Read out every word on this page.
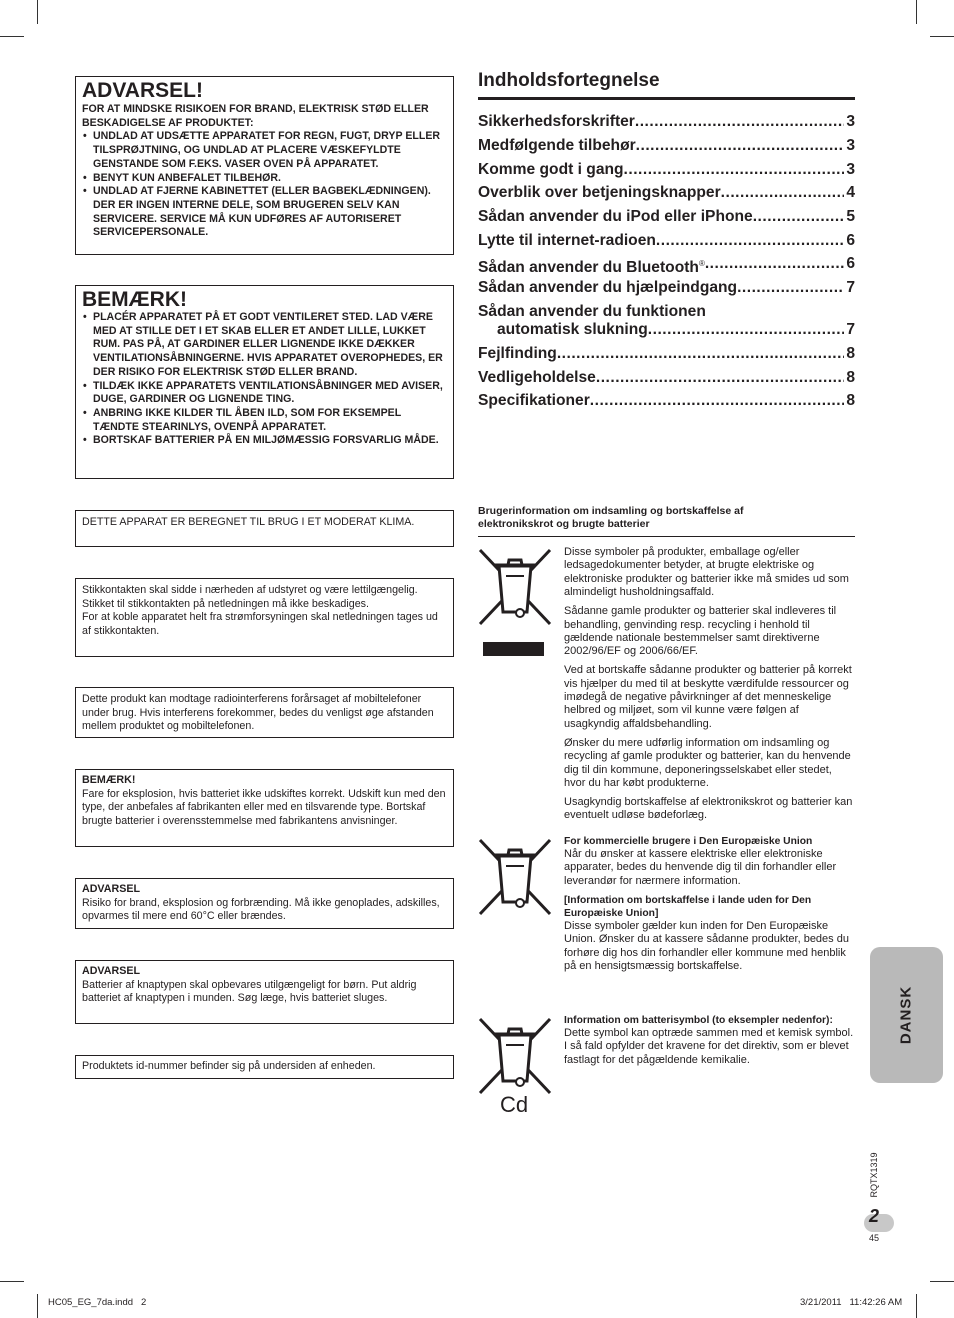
ADVARSEL!
FOR AT MINDSKE RISIKOEN FOR BRAND, ELEKTRISK STØD ELLER BESKADIGELSE AF PRODUKTET:
• UNDLAD AT UDSÆTTE APPARATET FOR REGN, FUGT, DRYP ELLER TILSPRØJTNING, OG UNDLAD AT PLACERE VÆSKEFYLDTE GENSTANDE SOM F.EKS. VASER OVEN PÅ APPARATET.
• BENYT KUN ANBEFALET TILBEHØR.
• UNDLAD AT FJERNE KABINETTET (ELLER BAGBEKLÆDNINGEN). DER ER INGEN INTERNE DELE, SOM BRUGEREN SELV KAN SERVICERE. SERVICE MÅ KUN UDFØRES AF AUTORISERET SERVICEPERSONALE.
BEMÆRK!
• PLACÉR APPARATET PÅ ET GODT VENTILERET STED. LAD VÆRE MED AT STILLE DET I ET SKAB ELLER ET ANDET LILLE, LUKKET RUM. PAS PÅ, AT GARDINER ELLER LIGNENDE IKKE DÆKKER VENTILATIONSÅBNINGERNE. HVIS APPARATET OVEROPHEDES, ER DER RISIKO FOR ELEKTRISK STØD ELLER BRAND.
• TILDÆK IKKE APPARATETS VENTILATIONSÅBNINGER MED AVISER, DUGE, GARDINER OG LIGNENDE TING.
• ANBRING IKKE KILDER TIL ÅBEN ILD, SOM FOR EKSEMPEL TÆNDTE STEARINLYS, OVENPÅ APPARATET.
• BORTSKAF BATTERIER PÅ EN MILJØMÆSSIG FORSVARLIG MÅDE.
DETTE APPARAT ER BEREGNET TIL BRUG I ET MODERAT KLIMA.
Stikkontakten skal sidde i nærheden af udstyret og være lettilgængelig.
Stikket til stikkontakten på netledningen må ikke beskadiges.
For at koble apparatet helt fra strømforsyningen skal netledningen tages ud af stikkontakten.
Dette produkt kan modtage radiointerferens forårsaget af mobiltelefoner under brug. Hvis interferens forekommer, bedes du venligst øge afstanden mellem produktet og mobiltelefonen.
BEMÆRK!
Fare for eksplosion, hvis batteriet ikke udskiftes korrekt. Udskift kun med den type, der anbefales af fabrikanten eller med en tilsvarende type. Bortskaf brugte batterier i overensstemmelse med fabrikantens anvisninger.
ADVARSEL
Risiko for brand, eksplosion og forbrænding. Må ikke genoplades, adskilles, opvarmes til mere end 60°C eller brændes.
ADVARSEL
Batterier af knaptypen skal opbevares utilgængeligt for børn. Put aldrig batteriet af knaptypen i munden. Søg læge, hvis batteriet sluges.
Produktets id-nummer befinder sig på undersiden af enheden.
Indholdsfortegnelse
Sikkerhedsforskrifter .....	3
Medfølgende tilbehør .....	3
Komme godt i gang .....	3
Overblik over betjeningsknapper .....	4
Sådan anvender du iPod eller iPhone .....	5
Lytte til internet-radioen .....	6
Sådan anvender du Bluetooth® .....	6
Sådan anvender du hjælpeindgang .....	7
Sådan anvender du funktionen
automatisk slukning .....	7
Fejlfinding .....	8
Vedligeholdelse .....	8
Specifikationer .....	8
Brugerinformation om indsamling og bortskaffelse af elektronikskrot og brugte batterier

Disse symboler på produkter, emballage og/eller ledsagedokumenter betyder, at brugte elektriske og elektroniske produkter og batterier ikke må smides ud som almindeligt husholdningsaffald.

Sådanne gamle produkter og batterier skal indleveres til behandling, genvinding resp. recycling i henhold til gældende nationale bestemmelser samt direktiverne 2002/96/EF og 2006/66/EF.

Ved at bortskaffe sådanne produkter og batterier på korrekt vis hjælper du med til at beskytte værdifulde ressourcer og imødegå de negative påvirkninger af det menneskelige helbred og miljøet, som vil kunne være følgen af usagkyndig affaldsbehandling.

Ønsker du mere udførlig information om indsamling og recycling af gamle produkter og batterier, kan du henvende dig til din kommune, deponeringsselskabet eller stedet, hvor du har købt produkterne.

Usagkyndig bortskaffelse af elektronikskrot og batterier kan eventuelt udløse bødeforlæg.

For kommercielle brugere i Den Europæiske Union
Når du ønsker at kassere elektriske eller elektroniske apparater, bedes du henvende dig til din forhandler eller leverandør for nærmere information.

[Information om bortskaffelse i lande uden for Den Europæiske Union]
Disse symboler gælder kun inden for Den Europæiske Union. Ønsker du at kassere sådanne produkter, bedes du forhøre dig hos din forhandler eller kommune med henblik på en hensigtsmæssig bortskaffelse.

Cd

Information om batterisymbol (to eksempler nedenfor):
Dette symbol kan optræde sammen med et kemisk symbol. I så fald opfylder det kravene for det direktiv, som er blevet fastlagt for det pågældende kemikalie.

DANSK
RQTX1319
2
45
HC05_EG_7da.indd   2	3/21/2011   11:42:26 AM
